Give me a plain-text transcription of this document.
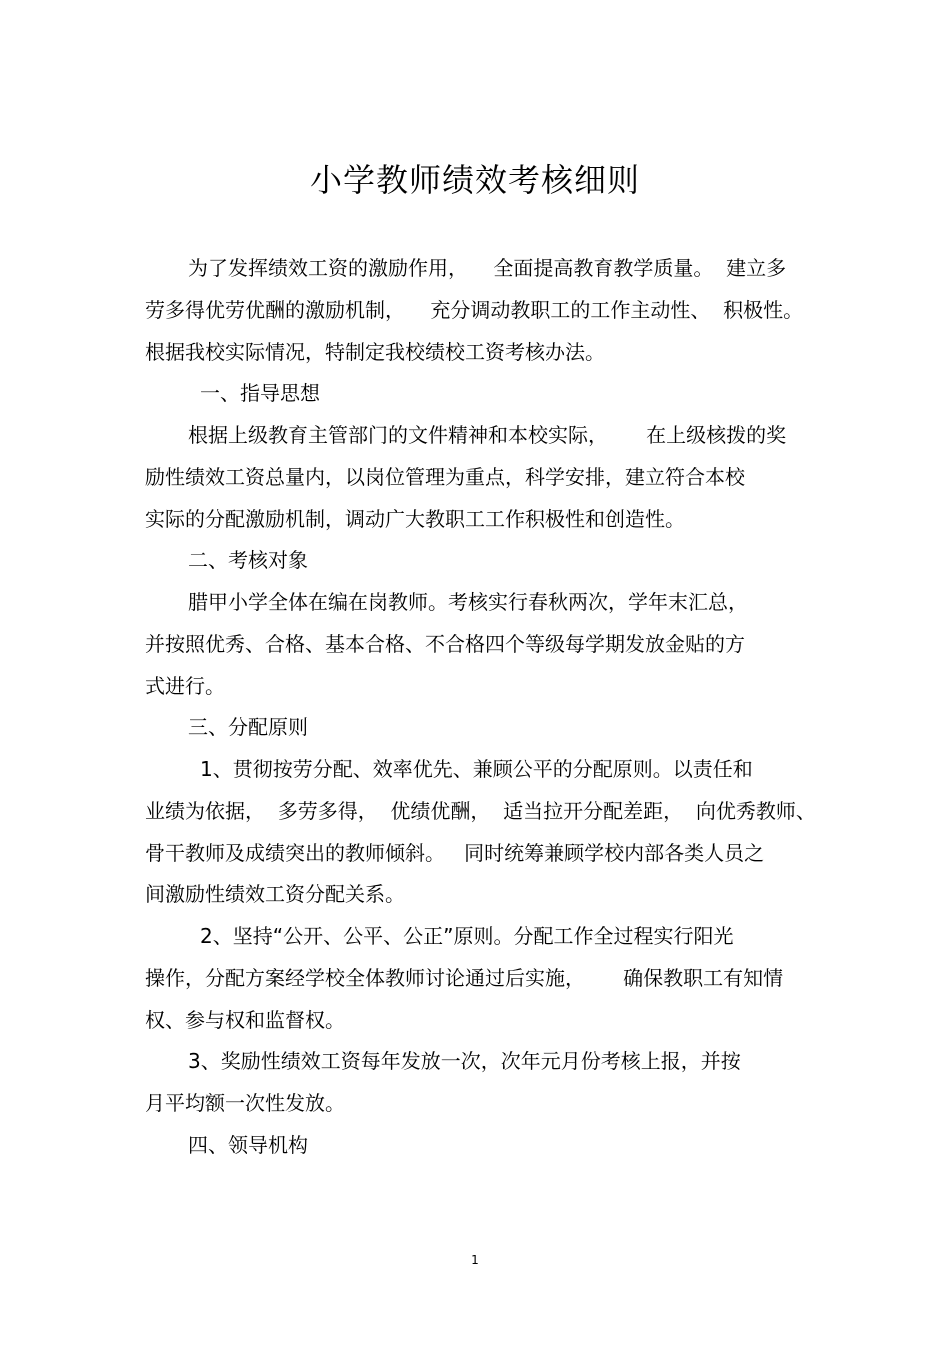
小学教师绩效考核细则
为了发挥绩效工资的激励作用，    全面提高教育教学质量。  建立多
劳多得优劳优酬的激励机制，    充分调动教职工的工作主动性、  积极性。
根据我校实际情况，特制定我校绩校工资考核办法。
一、指导思想
根据上级教育主管部门的文件精神和本校实际，      在上级核拨的奖
励性绩效工资总量内，以岗位管理为重点，科学安排，建立符合本校
实际的分配激励机制，调动广大教职工工作积极性和创造性。
二、考核对象
腊甲小学全体在编在岗教师。考核实行春秋两次，学年末汇总，
并按照优秀、合格、基本合格、不合格四个等级每学期发放金贴的方
式进行。
三、分配原则
1、贯彻按劳分配、效率优先、兼顾公平的分配原则。以责任和
业绩为依据，  多劳多得，  优绩优酬，  适当拉开分配差距，  向优秀教师、
骨干教师及成绩突出的教师倾斜。   同时统筹兼顾学校内部各类人员之
间激励性绩效工资分配关系。
2、坚持“公开、公平、公正”原则。分配工作全过程实行阳光
操作，分配方案经学校全体教师讨论通过后实施，      确保教职工有知情
权、参与权和监督权。
3、奖励性绩效工资每年发放一次，次年元月份考核上报，并按
月平均额一次性发放。
四、领导机构
1
